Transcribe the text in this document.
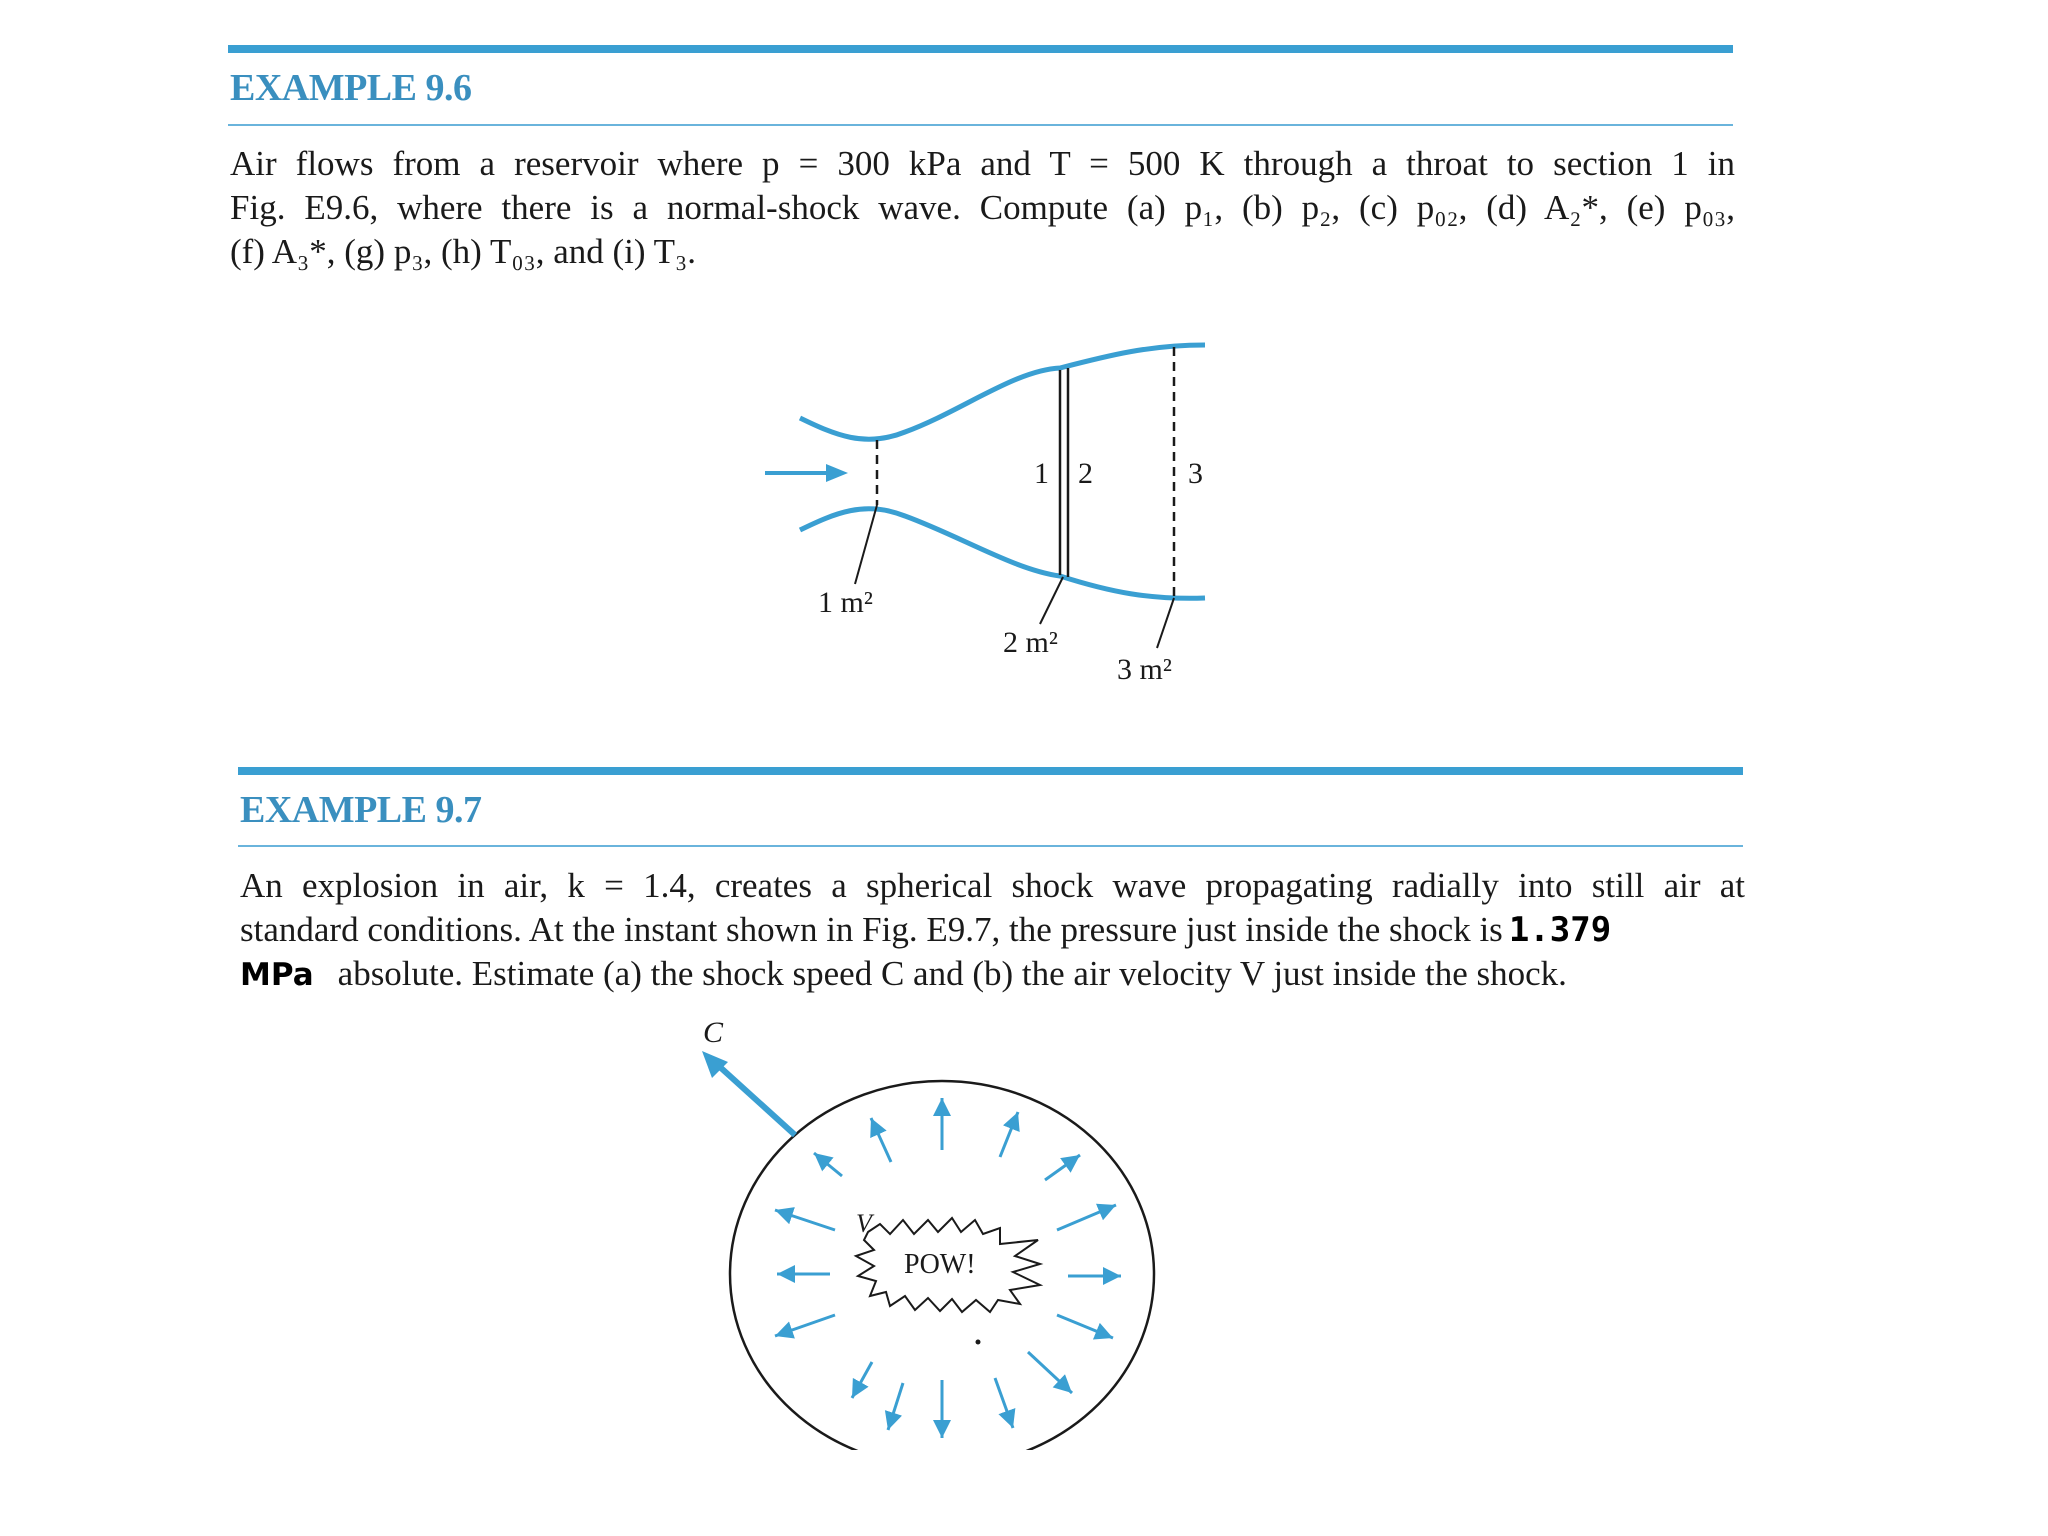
EXAMPLE 9.6
Air flows from a reservoir where p = 300 kPa and T = 500 K through a throat to section 1 in
Fig. E9.6, where there is a normal-shock wave. Compute (a) p₁, (b) p₂, (c) p₀₂, (d) A₂*, (e) p₀₃,
(f) A₃*, (g) p₃, (h) T₀₃, and (i) T₃.
1 2	3
1 m²
2 m²
3 m²
EXAMPLE 9.7
An explosion in air, k = 1.4, creates a spherical shock wave propagating radially into still air at
standard conditions. At the instant shown in Fig. E9.7, the pressure just inside the shock is 1.379
MPa absolute. Estimate (a) the shock speed C and (b) the air velocity V just inside the shock.
C
V
POW!
